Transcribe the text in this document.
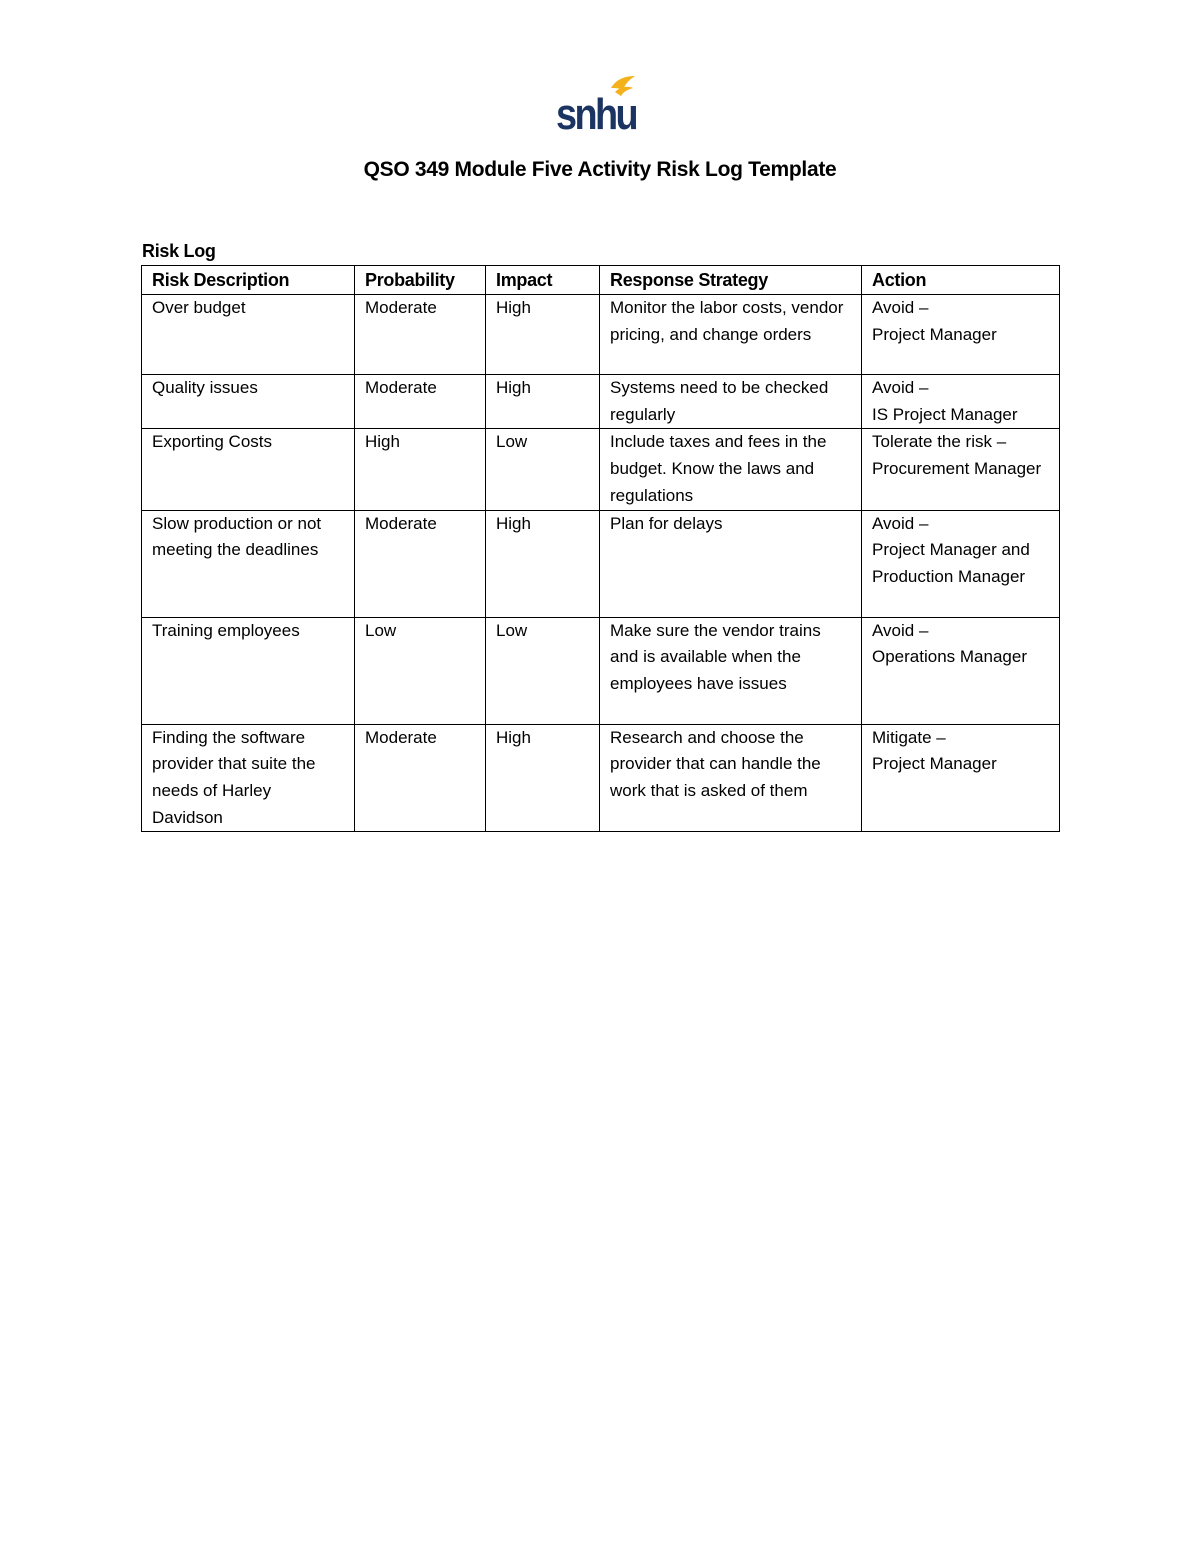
snhu
QSO 349 Module Five Activity Risk Log Template

Risk Log

Risk Description	Probability	Impact	Response Strategy	Action
Over budget	Moderate	High	Monitor the labor costs, vendor pricing, and change orders	Avoid –
Project Manager

Quality issues	Moderate	High	Systems need to be checked regularly	Avoid –
IS Project Manager

Exporting Costs	High	Low	Include taxes and fees in the budget. Know the laws and regulations	Tolerate the risk – Procurement Manager

Slow production or not meeting the deadlines	Moderate	High	Plan for delays	Avoid –
Project Manager and Production Manager

Training employees	Low	Low	Make sure the vendor trains and is available when the employees have issues	Avoid –
Operations Manager

Finding the software provider that suite the needs of Harley Davidson	Moderate	High	Research and choose the provider that can handle the work that is asked of them	Mitigate –
Project Manager
